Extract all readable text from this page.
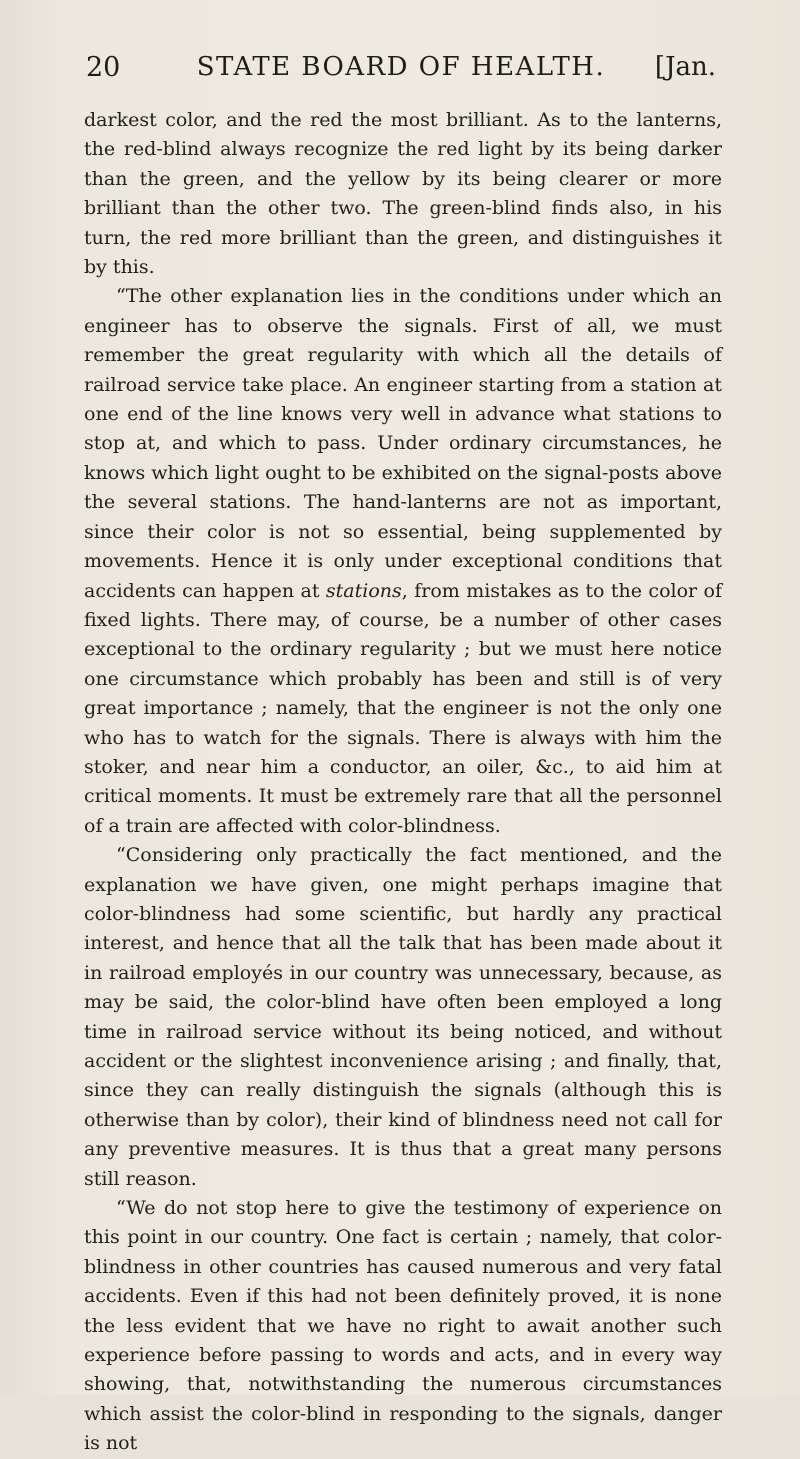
20	STATE BOARD OF HEALTH.	[Jan.

darkest color, and the red the most brilliant. As to the lanterns, the red-blind always recognize the red light by its being darker than the green, and the yellow by its being clearer or more brilliant than the other two. The green-blind finds also, in his turn, the red more brilliant than the green, and distinguishes it by this.

“The other explanation lies in the conditions under which an engineer has to observe the signals. First of all, we must remember the great regularity with which all the details of railroad service take place. An engineer starting from a station at one end of the line knows very well in advance what stations to stop at, and which to pass. Under ordinary circumstances, he knows which light ought to be exhibited on the signal-posts above the several stations. The hand-lanterns are not as important, since their color is not so essential, being supplemented by movements. Hence it is only under exceptional conditions that accidents can happen at stations, from mistakes as to the color of fixed lights. There may, of course, be a number of other cases exceptional to the ordinary regularity ; but we must here notice one circumstance which probably has been and still is of very great importance ; namely, that the engineer is not the only one who has to watch for the signals. There is always with him the stoker, and near him a conductor, an oiler, &c., to aid him at critical moments. It must be extremely rare that all the personnel of a train are affected with color-blindness.

“Considering only practically the fact mentioned, and the explanation we have given, one might perhaps imagine that color-blindness had some scientific, but hardly any practical interest, and hence that all the talk that has been made about it in railroad employés in our country was unnecessary, because, as may be said, the color-blind have often been employed a long time in railroad service without its being noticed, and without accident or the slightest inconvenience arising ; and finally, that, since they can really distinguish the signals (although this is otherwise than by color), their kind of blindness need not call for any preventive measures. It is thus that a great many persons still reason.

“We do not stop here to give the testimony of experience on this point in our country. One fact is certain ; namely, that color-blindness in other countries has caused numerous and very fatal accidents. Even if this had not been definitely proved, it is none the less evident that we have no right to await another such experience before passing to words and acts, and in every way showing, that, notwithstanding the numerous circumstances which assist the color-blind in responding to the signals, danger is not
